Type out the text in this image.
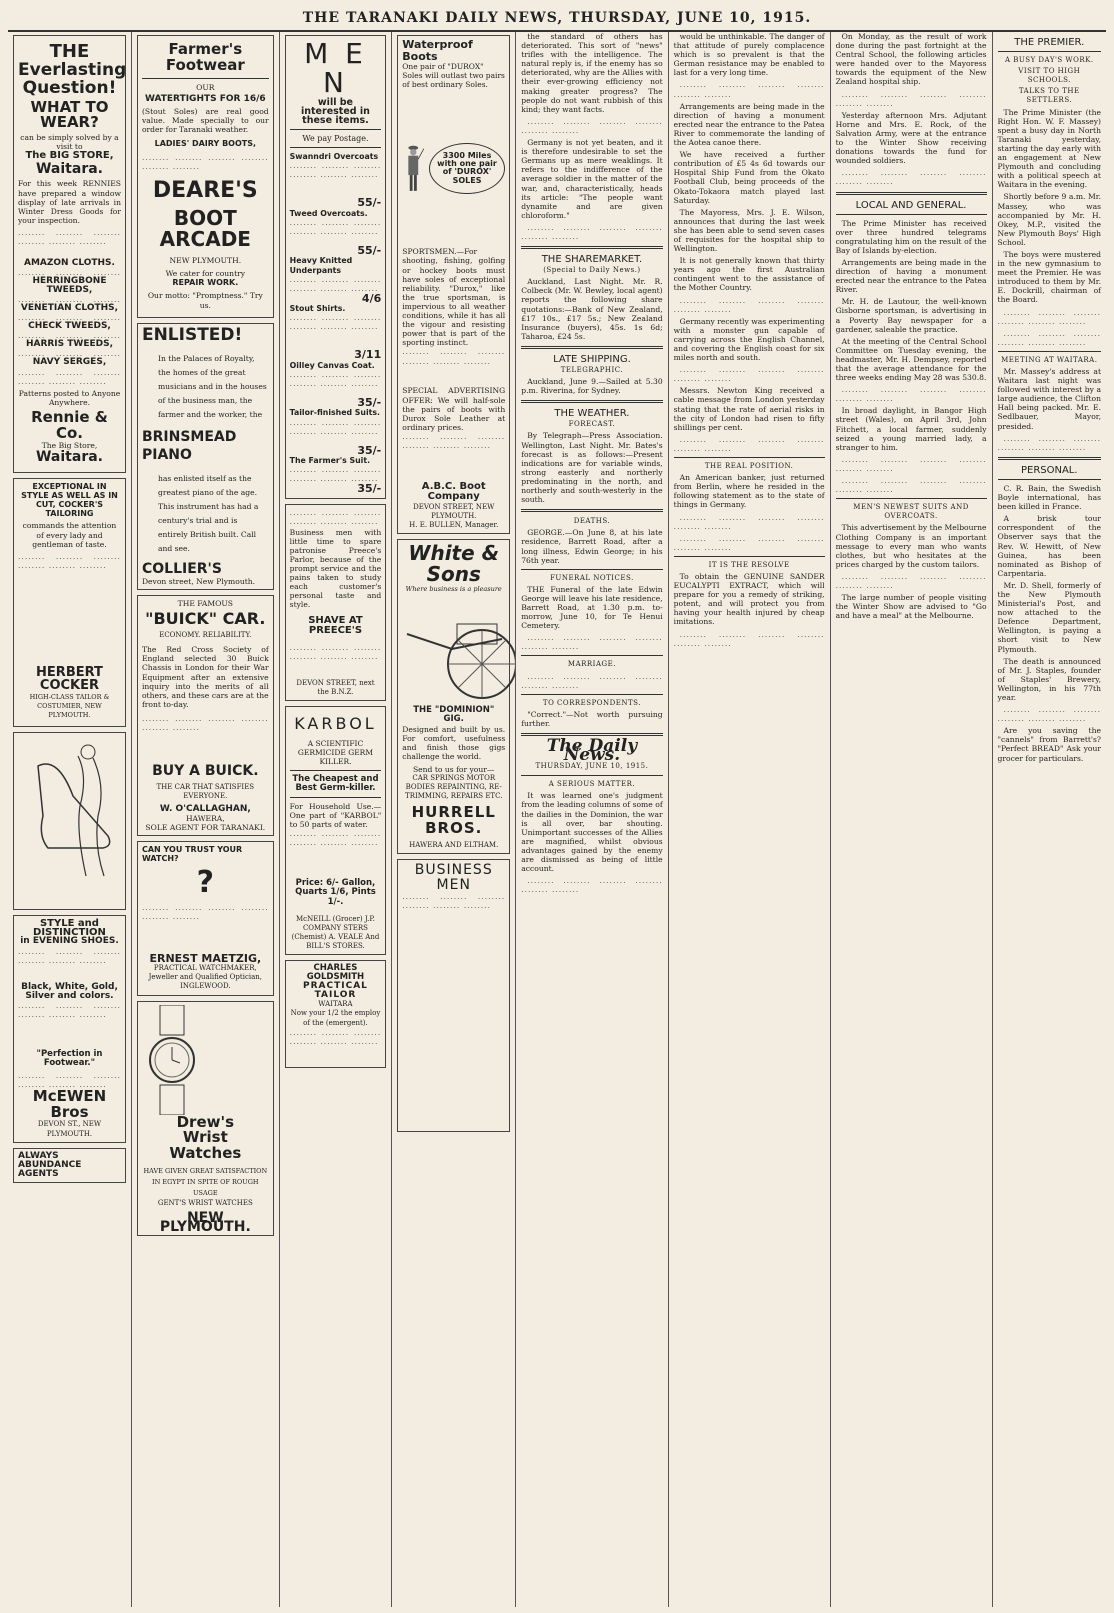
THE TARANAKI DAILY NEWS, THURSDAY, JUNE 10, 1915.
THE
Everlasting
Question!
WHAT TO WEAR?
can be simply solved by a visit to
The BIG STORE,
Waitara.
For this week RENNIES have prepared a window display of late arrivals in Winter Dress Goods for your inspection.
.....
AMAZON CLOTHS.
.....
HERRINGBONE TWEEDS,
.....
VENETIAN CLOTHS,
.....
CHECK TWEEDS,
.....
HARRIS TWEEDS,
.....
NAVY SERGES,
.....
Patterns posted to Anyone Anywhere.
Rennie & Co.
The Big Store,
Waitara.
EXCEPTIONAL IN STYLE AS WELL AS IN CUT, COCKER'S TAILORING
commands the attention of every lady and gentleman of taste.
.....
HERBERT COCKER
HIGH-CLASS TAILOR & COSTUMIER, NEW PLYMOUTH.
STYLE and DISTINCTION
in EVENING SHOES.
.....
Black, White, Gold, Silver and colors.
.....
"Perfection in Footwear."
.....
McEWEN Bros
DEVON ST., NEW PLYMOUTH.
ALWAYS ABUNDANCE AGENTS
Farmer's Footwear
OUR
WATERTIGHTS FOR 16/6
(Stout Soles) are real good value. Made specially to our order for Taranaki weather.
LADIES' DAIRY BOOTS,
.....
DEARE'S
BOOT ARCADE
NEW PLYMOUTH.
We cater for country
REPAIR WORK.
Our motto: "Promptness." Try us.
ENLISTED!
In the Palaces of Royalty, the homes of the great musicians and in the houses of the business man, the farmer and the worker, the
BRINSMEAD PIANO
has enlisted itself as the greatest piano of the age. This instrument has had a century's trial and is entirely British built. Call and see.
COLLIER'S
Devon street, New Plymouth.
THE FAMOUS
"BUICK" CAR.
ECONOMY. RELIABILITY.
The Red Cross Society of England selected 30 Buick Chassis in London for their War Equipment after an extensive inquiry into the merits of all others, and these cars are at the front to-day.
.....
BUY A BUICK.
THE CAR THAT SATISFIES EVERYONE.
W. O'CALLAGHAN,
HAWERA,
SOLE AGENT FOR TARANAKI.
CAN YOU TRUST YOUR WATCH?
?
.....
ERNEST MAETZIG,
PRACTICAL WATCHMAKER,
Jeweller and Qualified Optician,
INGLEWOOD.
Drew's
Wrist
Watches
HAVE GIVEN GREAT SATISFACTION IN EGYPT IN SPITE OF ROUGH USAGE
GENT'S WRIST WATCHES
NEW PLYMOUTH.
M E N
will be interested in these items.
We pay Postage.
Swanndri Overcoats
.....
55/-
Tweed Overcoats.
.....
55/-
Heavy Knitted Underpants
.....
4/6
Stout Shirts.
.....
3/11
Oilley Canvas Coat.
.....
35/-
Tailor-finished Suits.
.....
35/-
The Farmer's Suit.
.....
35/-
.....
Business men with little time to spare patronise Preece's Parlor, because of the prompt service and the pains taken to study each customer's personal taste and style.
SHAVE AT PREECE'S
.....
DEVON STREET, next the B.N.Z.
KARBOL
A SCIENTIFIC GERMICIDE GERM KILLER.
The Cheapest and Best Germ-killer.
For Household Use.—One part of "KARBOL" to 50 parts of water.
.....
Price: 6/- Gallon, Quarts 1/6, Pints 1/-.
McNEILL (Grocer) J.P. COMPANY STERS (Chemist) A. VEALE And BILL'S STORES.
CHARLES GOLDSMITH
PRACTICAL TAILOR
WAITARA
Now your 1/2 the employ of the (emergent).
.....
Waterproof Boots
One pair of "DUROX" Soles will outlast two pairs of best ordinary Soles.
3300 Miles with one pair of 'DUROX' SOLES
SPORTSMEN.—For shooting, fishing, golfing or hockey boots must have soles of exceptional reliability. "Durox," like the true sportsman, is impervious to all weather conditions, while it has all the vigour and resisting power that is part of the sporting instinct.
.....
SPECIAL ADVERTISING OFFER: We will half-sole the pairs of boots with Durox Sole Leather at ordinary prices.
.....
A.B.C. Boot Company
DEVON STREET, NEW PLYMOUTH.
H. E. BULLEN, Manager.
White & Sons
Where business is a pleasure
THE "DOMINION" GIG.
Designed and built by us. For comfort, usefulness and finish those gigs challenge the world.
Send to us for your—
CAR SPRINGS MOTOR BODIES REPAINTING, RE-TRIMMING, REPAIRS ETC.
HURRELL BROS.
HAWERA AND ELTHAM.
BUSINESS MEN
.....

the standard of others has deteriorated. This sort of "news" trifles with the intelligence. The natural reply is, if the enemy has so deteriorated, why are the Allies with their ever-growing efficiency not making greater progress? The people do not want rubbish of this kind; they want facts.

.....

Germany is not yet beaten, and it is therefore undesirable to set the Germans up as mere weaklings. It refers to the indifference of the average soldier in the matter of the war, and, characteristically, heads its article: "The people want dynamite and are given chloroform."

.....

THE SHAREMARKET.
(Special to Daily News.)

Auckland, Last Night. Mr. R. Colbeck (Mr. W. Bewley, local agent) reports the following share quotations:—Bank of New Zealand, £17 10s., £17 5s.; New Zealand Insurance (buyers), 45s. 1s 6d; Taharoa, £24 5s.

LATE SHIPPING.
TELEGRAPHIC.

Auckland, June 9.—Sailed at 5.30 p.m. Riverina, for Sydney.

THE WEATHER.
FORECAST.

By Telegraph—Press Association. Wellington, Last Night. Mr. Bates's forecast is as follows:—Present indications are for variable winds, strong easterly and northerly predominating in the north, and northerly and south-westerly in the south.

DEATHS.

GEORGE.—On June 8, at his late residence, Barrett Road, after a long illness, Edwin George; in his 76th year.

FUNERAL NOTICES.

THE Funeral of the late Edwin George will leave his late residence, Barrett Road, at 1.30 p.m. to-morrow, June 10, for Te Henui Cemetery.

.....

MARRIAGE.

.....

TO CORRESPONDENTS.

"Correct."—Not worth pursuing further.

The Daily News.
THURSDAY, JUNE 10, 1915.
A SERIOUS MATTER.

It was learned one's judgment from the leading columns of some of the dailies in the Dominion, the war is all over, bar shouting. Unimportant successes of the Allies are magnified, whilst obvious advantages gained by the enemy are dismissed as being of little account.

.....

would be unthinkable. The danger of that attitude of purely complacence which is so prevalent is that the German resistance may be enabled to last for a very long time.

.....

Arrangements are being made in the direction of having a monument erected near the entrance to the Patea River to commemorate the landing of the Aotea canoe there.

We have received a further contribution of £5 4s 6d towards our Hospital Ship Fund from the Okato Football Club, being proceeds of the Okato-Tokaora match played last Saturday.

The Mayoress, Mrs. J. E. Wilson, announces that during the last week she has been able to send seven cases of requisites for the hospital ship to Wellington.

It is not generally known that thirty years ago the first Australian contingent went to the assistance of the Mother Country.

.....

Germany recently was experimenting with a monster gun capable of carrying across the English Channel, and covering the English coast for six miles north and south.

.....

Messrs. Newton King received a cable message from London yesterday stating that the rate of aerial risks in the city of London had risen to fifty shillings per cent.

.....

THE REAL POSITION.

An American banker, just returned from Berlin, where he resided in the following statement as to the state of things in Germany.

.....

.....

IT IS THE RESOLVE

To obtain the GENUINE SANDER EUCALYPTI EXTRACT, which will prepare for you a remedy of striking, potent, and will protect you from having your health injured by cheap imitations.

.....

On Monday, as the result of work done during the past fortnight at the Central School, the following articles were handed over to the Mayoress towards the equipment of the New Zealand hospital ship.

.....

Yesterday afternoon Mrs. Adjutant Horne and Mrs. E. Rock, of the Salvation Army, were at the entrance to the Winter Show receiving donations towards the fund for wounded soldiers.

.....

LOCAL AND GENERAL.

The Prime Minister has received over three hundred telegrams congratulating him on the result of the Bay of Islands by-election.

Arrangements are being made in the direction of having a monument erected near the entrance to the Patea River.

Mr. H. de Lautour, the well-known Gisborne sportsman, is advertising in a Poverty Bay newspaper for a gardener, saleable the practice.

At the meeting of the Central School Committee on Tuesday evening, the headmaster, Mr. H. Dempsey, reported that the average attendance for the three weeks ending May 28 was 530.8.

.....

In broad daylight, in Bangor High street (Wales), on April 3rd, John Fitchett, a local farmer, suddenly seized a young married lady, a stranger to him.

.....

.....

MEN'S NEWEST SUITS AND OVERCOATS.

This advertisement by the Melbourne Clothing Company is an important message to every man who wants clothes, but who hesitates at the prices charged by the custom tailors.

.....

The large number of people visiting the Winter Show are advised to "Go and have a meal" at the Melbourne.

THE PREMIER.
A BUSY DAY'S WORK.
VISIT TO HIGH SCHOOLS.
TALKS TO THE SETTLERS.

The Prime Minister (the Right Hon. W. F. Massey) spent a busy day in North Taranaki yesterday, starting the day early with an engagement at New Plymouth and concluding with a political speech at Waitara in the evening.

Shortly before 9 a.m. Mr. Massey, who was accompanied by Mr. H. Okey, M.P., visited the New Plymouth Boys' High School.

The boys were mustered in the new gymnasium to meet the Premier. He was introduced to them by Mr. E. Dockrill, chairman of the Board.

.....

.....

MEETING AT WAITARA.

Mr. Massey's address at Waitara last night was followed with interest by a large audience, the Clifton Hall being packed. Mr. E. Sedlbauer, Mayor, presided.

.....

PERSONAL.

C. R. Bain, the Swedish Boyle international, has been killed in France.

A brisk tour correspondent of the Observer says that the Rev. W. Hewitt, of New Guinea, has been nominated as Bishop of Carpentaria.

Mr. D. Shell, formerly of the New Plymouth Ministerial's Post, and now attached to the Defence Department, Wellington, is paying a short visit to New Plymouth.

The death is announced of Mr. J. Staples, founder of Staples' Brewery, Wellington, in his 77th year.

.....

Are you saving the "cannels" from Barrett's? "Perfect BREAD" Ask your grocer for particulars.
